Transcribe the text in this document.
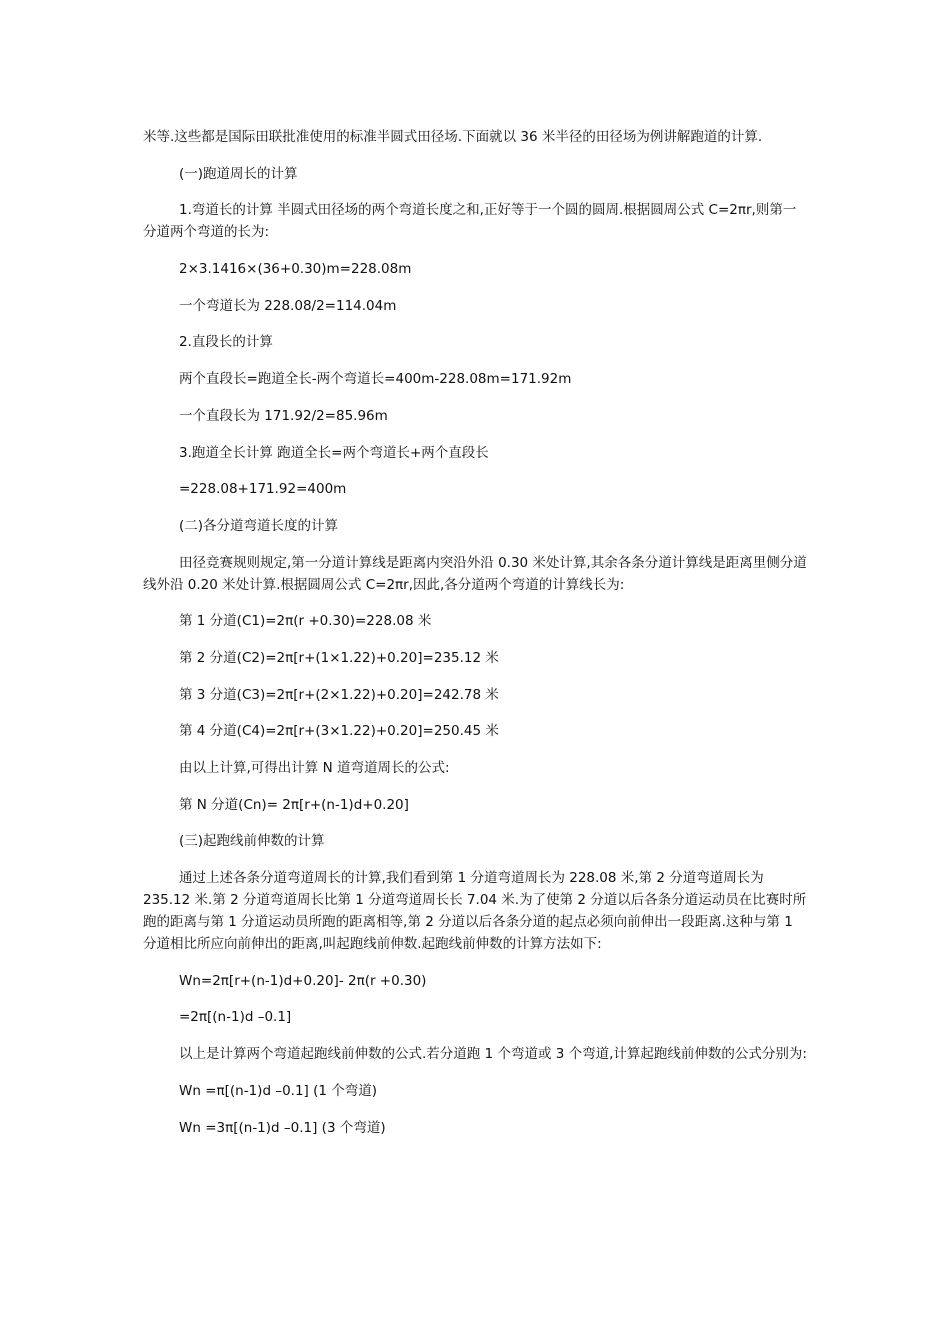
米等.这些都是国际田联批准使用的标准半圆式田径场.下面就以 36 米半径的田径场为例讲解跑道的计算.

(一)跑道周长的计算

1.弯道长的计算 半圆式田径场的两个弯道长度之和,正好等于一个圆的圆周.根据圆周公式 C=2πr,则第一分道两个弯道的长为:

2×3.1416×(36+0.30)m=228.08m

一个弯道长为 228.08/2=114.04m

2.直段长的计算

两个直段长=跑道全长-两个弯道长=400m-228.08m=171.92m

一个直段长为 171.92/2=85.96m

3.跑道全长计算 跑道全长=两个弯道长+两个直段长

=228.08+171.92=400m

(二)各分道弯道长度的计算

田径竞赛规则规定,第一分道计算线是距离内突沿外沿 0.30 米处计算,其余各条分道计算线是距离里侧分道线外沿 0.20 米处计算.根据圆周公式 C=2πr,因此,各分道两个弯道的计算线长为:

第 1 分道(C1)=2π(r +0.30)=228.08 米

第 2 分道(C2)=2π[r+(1×1.22)+0.20]=235.12 米

第 3 分道(C3)=2π[r+(2×1.22)+0.20]=242.78 米

第 4 分道(C4)=2π[r+(3×1.22)+0.20]=250.45 米

由以上计算,可得出计算 N 道弯道周长的公式:

第 N 分道(Cn)= 2π[r+(n-1)d+0.20]

(三)起跑线前伸数的计算

通过上述各条分道弯道周长的计算,我们看到第 1 分道弯道周长为 228.08 米,第 2 分道弯道周长为 235.12 米.第 2 分道弯道周长比第 1 分道弯道周长长 7.04 米.为了使第 2 分道以后各条分道运动员在比赛时所跑的距离与第 1 分道运动员所跑的距离相等,第 2 分道以后各条分道的起点必须向前伸出一段距离.这种与第 1 分道相比所应向前伸出的距离,叫起跑线前伸数.起跑线前伸数的计算方法如下:

Wn=2π[r+(n-1)d+0.20]- 2π(r +0.30)

=2π[(n-1)d –0.1]

以上是计算两个弯道起跑线前伸数的公式.若分道跑 1 个弯道或 3 个弯道,计算起跑线前伸数的公式分别为:

Wn =π[(n-1)d –0.1] (1 个弯道)

Wn =3π[(n-1)d –0.1] (3 个弯道)
